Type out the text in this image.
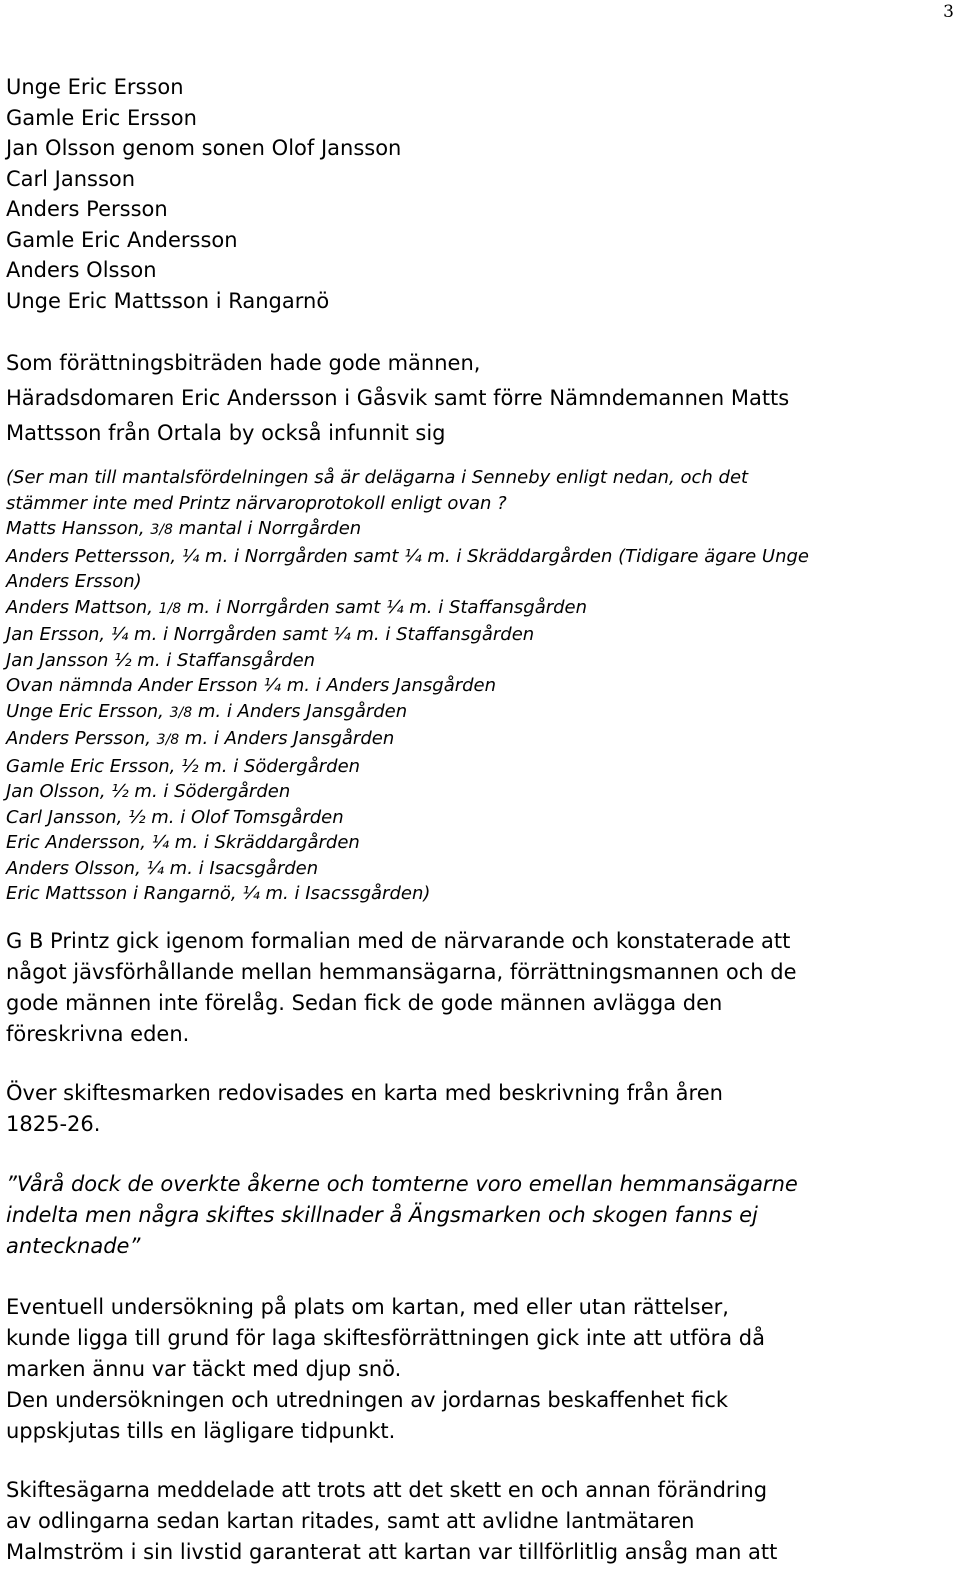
3
Unge Eric Ersson
Gamle Eric Ersson
Jan Olsson genom sonen Olof Jansson
Carl Jansson
Anders Persson
Gamle Eric Andersson
Anders Olsson
Unge Eric Mattsson i Rangarnö
Som förättningsbiträden hade gode männen,
Häradsdomaren Eric Andersson i Gåsvik samt förre Nämndemannen Matts
Mattsson från Ortala by också infunnit sig
(Ser man till mantalsfördelningen så är delägarna i Senneby enligt nedan, och det
stämmer inte med Printz närvaroprotokoll enligt ovan ?
Matts Hansson, 3/8 mantal i Norrgården
Anders Pettersson, ¼ m. i Norrgården samt ¼ m. i Skräddargården (Tidigare ägare Unge
Anders Ersson)
Anders Mattson, 1/8 m. i Norrgården samt ¼ m. i Staffansgården
Jan Ersson, ¼ m. i Norrgården samt ¼ m. i Staffansgården
Jan Jansson ½ m. i Staffansgården
Ovan nämnda Ander Ersson ¼ m. i Anders Jansgården
Unge Eric Ersson, 3/8 m. i Anders Jansgården
Anders Persson, 3/8 m. i Anders Jansgården
Gamle Eric Ersson, ½ m. i Södergården
Jan Olsson, ½ m. i Södergården
Carl Jansson, ½ m. i Olof Tomsgården
Eric Andersson, ¼ m. i Skräddargården
Anders Olsson, ¼ m. i Isacsgården
Eric Mattsson i Rangarnö, ¼ m. i Isacssgården)
G B Printz gick igenom formalian med de närvarande och konstaterade att
något jävsförhållande mellan hemmansägarna, förrättningsmannen och de
gode männen inte förelåg. Sedan fick de gode männen avlägga den
föreskrivna eden.
Över skiftesmarken redovisades en karta med beskrivning från åren
1825-26.
”Vårå dock de overkte åkerne och tomterne voro emellan hemmansägarne
indelta men några skiftes skillnader å Ängsmarken och skogen fanns ej
antecknade”
Eventuell undersökning på plats om kartan, med eller utan rättelser,
kunde ligga till grund för laga skiftesförrättningen gick inte att utföra då
marken ännu var täckt med djup snö.
Den undersökningen och utredningen av jordarnas beskaffenhet fick
uppskjutas tills en lägligare tidpunkt.
Skiftesägarna meddelade att trots att det skett en och annan förändring
av odlingarna sedan kartan ritades, samt att avlidne lantmätaren
Malmström i sin livstid garanterat att kartan var tillförlitlig ansåg man att
